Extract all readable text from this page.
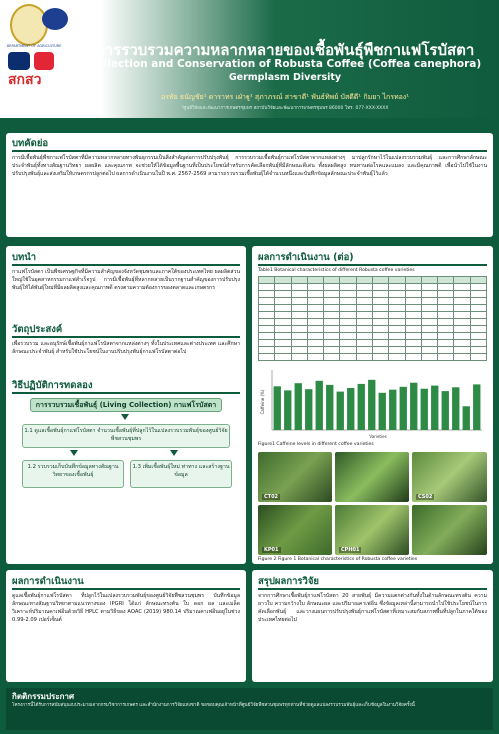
DEPARTMENT OF AGRICULTURE
สกสว
การรวบรวมความหลากหลายของเชื้อพันธุ์พืชกาแฟโรบัสตา
Collection and Conservation of Robusta Coffee (Coffea canephora)
Germplasm Diversity
อรทัย ธนัญชัย¹ ดาราทร เฝ่าฐู¹ สุภาภรณ์ สาขาดี¹ พันธ์ทิพย์ บัสดีดี¹ กิมยา ไกรทอง¹
¹ศูนย์วิจัยและพัฒนาการเกษตรชุมพร สถาบันวิจัยและพัฒนาการเกษตรชุมพร 86000 โทร. 077-XXX-XXXX
บทคัดย่อ
การมีเชื้อพันธุ์พืชกาแฟโรบัสตาที่มีความหลากหลายทางพันธุกรรมเป็นสิ่งสำคัญต่อการปรับปรุงพันธุ์ การรวบรวมเชื้อพันธุ์กาแฟโรบัสตาจากแหล่งต่างๆ มาปลูกรักษาไว้ในแปลงรวบรวมพันธุ์ และการศึกษาลักษณะประจำพันธุ์ทั้งทางสัณฐานวิทยา ผลผลิต และคุณภาพ จะช่วยให้ได้ข้อมูลพื้นฐานที่เป็นประโยชน์สำหรับการคัดเลือกพันธุ์ที่มีลักษณะดีเด่น ทั้งผลผลิตสูง ทนทานต่อโรคและแมลง และมีคุณภาพดี เพื่อนำไปใช้ในงานปรับปรุงพันธุ์และส่งเสริมให้เกษตรกรปลูกต่อไป ผลการดำเนินงานในปี พ.ศ. 2567-2569 สามารถรวบรวมเชื้อพันธุ์ได้จำนวนหนึ่งและบันทึกข้อมูลลักษณะประจำพันธุ์ไว้แล้ว
บทนำ
กาแฟโรบัสตา เป็นพืชเศรษฐกิจที่มีความสำคัญของจังหวัดชุมพรและภาคใต้ของประเทศไทย ผลผลิตส่วนใหญ่ใช้ในอุตสาหกรรมกาแฟสำเร็จรูป การมีเชื้อพันธุ์ที่หลากหลายเป็นรากฐานสำคัญของการปรับปรุงพันธุ์ให้ได้พันธุ์ใหม่ที่มีผลผลิตสูงและคุณภาพดี ตรงตามความต้องการของตลาดและเกษตรกร
วัตถุประสงค์
เพื่อรวบรวม และอนุรักษ์เชื้อพันธุ์กาแฟโรบัสตาจากแหล่งต่างๆ ทั้งในประเทศและต่างประเทศ และศึกษาลักษณะประจำพันธุ์ สำหรับใช้ประโยชน์ในงานปรับปรุงพันธุ์กาแฟโรบัสตาต่อไป
วิธีปฏิบัติการทดลอง
การรวบรวมเชื้อพันธุ์ (Living Collection) กาแฟโรบัสตา
1.1 ดูแลเชื้อพันธุ์กาแฟโรบัสตา จำนวนเชื้อพันธุ์ที่ปลูกไว้ในแปลงรวบรวมพันธุ์ของศูนย์วิจัยพืชสวนชุมพร
1.2 รวบรวมเก็บบันทึกข้อมูลทางสัณฐานวิทยาของเชื้อพันธุ์
1.3 เพิ่มเชื้อพันธุ์ใหม่ ท่าทาง และสร้างฐานข้อมูล
ผลการดำเนินงาน
ดูแลเชื้อพันธุ์กาแฟโรบัสตา ที่ปลูกไว้ในแปลงรวบรวมพันธุ์ของศูนย์วิจัยพืชสวนชุมพร บันทึกข้อมูลลักษณะทางสัณฐานวิทยาตามแนวทางของ IPGRI ได้แก่ ลักษณะทรงต้น ใบ ดอก ผล และเมล็ด วิเคราะห์ปริมาณคาเฟอีนด้วยวิธี HPLC ตามวิธีของ AOAC (2019) 980.14 ปริมาณคาเฟอีนอยู่ในช่วง 0.99-2.09 เปอร์เซ็นต์
ผลการดำเนินงาน (ต่อ)
Table1 Botanical characteristics of different Robusta coffee varieties

Caffeine (%)
Varieties
Figure1 Caffeine levels in different coffee varieties
CT02	CS02
KP01	CPH01
Figure 2 Figure 1 Botanical characteristics of Robusta coffee varieties
สรุปผลการวิจัย
จากการศึกษาเชื้อพันธุ์กาแฟโรบัสตา 20 สายพันธุ์ มีความแตกต่างกันทั้งในด้านลักษณะทรงต้น ความยาวใบ ความกว้างใบ ลักษณะผล และปริมาณคาเฟอีน ซึ่งข้อมูลเหล่านี้สามารถนำไปใช้ประโยชน์ในการคัดเลือกพันธุ์ และวางแผนการปรับปรุงพันธุ์กาแฟโรบัสตาที่เหมาะสมกับสภาพพื้นที่ปลูกในภาคใต้ของประเทศไทยต่อไป
กิตติกรรมประกาศ
โครงการนี้ได้รับการสนับสนุนงบประมาณจากกรมวิชาการเกษตร และสำนักงานการวิจัยแห่งชาติ ขอขอบคุณเจ้าหน้าที่ศูนย์วิจัยพืชสวนชุมพรทุกท่านที่ช่วยดูแลแปลงรวบรวมพันธุ์และเก็บข้อมูลในงานวิจัยครั้งนี้
